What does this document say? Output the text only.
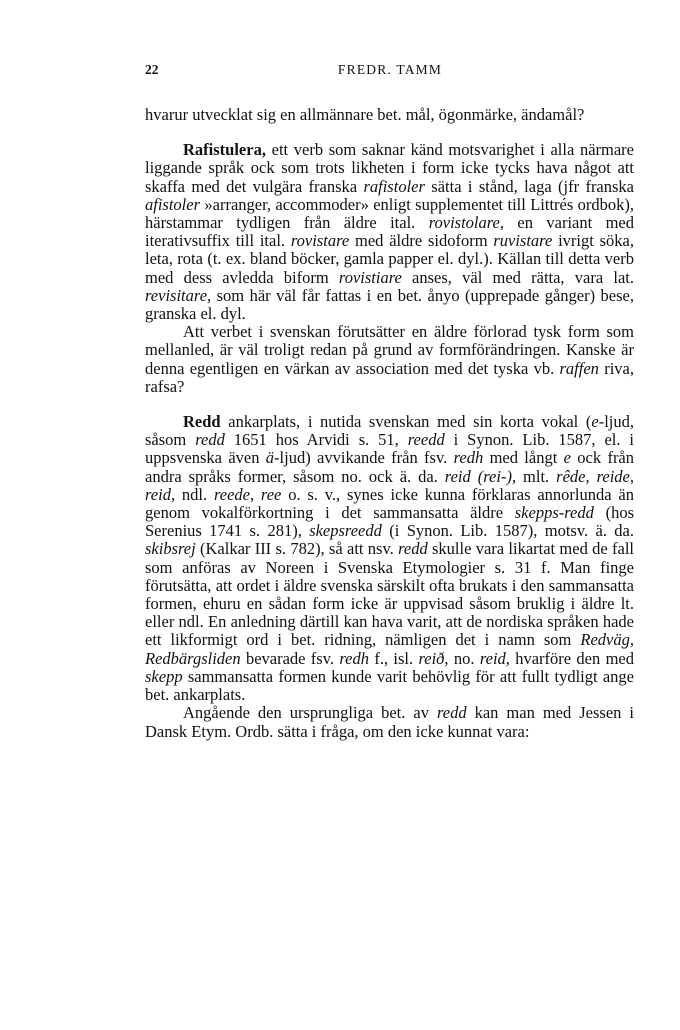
22	FREDR. TAMM

hvarur utvecklat sig en allmännare bet. mål, ögonmärke, ändamål?

Rafistulera, ett verb som saknar känd motsvarighet i alla närmare liggande språk ock som trots likheten i form icke tycks hava något att skaffa med det vulgära franska rafistoler sätta i stånd, laga (jfr franska afistoler »arranger, accommoder» enligt supplementet till Littrés ordbok), härstammar tydligen från äldre ital. rovistolare, en variant med iterativsuffix till ital. rovistare med äldre sidoform ruvistare ivrigt söka, leta, rota (t. ex. bland böcker, gamla papper el. dyl.). Källan till detta verb med dess avledda biform rovistiare anses, väl med rätta, vara lat. revisitare, som här väl får fattas i en bet. ånyo (upprepade gånger) bese, granska el. dyl.

Att verbet i svenskan förutsätter en äldre förlorad tysk form som mellanled, är väl troligt redan på grund av formförändringen. Kanske är denna egentligen en värkan av association med det tyska vb. raffen riva, rafsa?

Redd ankarplats, i nutida svenskan med sin korta vokal (e-ljud, såsom redd 1651 hos Arvidi s. 51, reedd i Synon. Lib. 1587, el. i uppsvenska även ä-ljud) avvikande från fsv. redh med långt e ock från andra språks former, såsom no. ock ä. da. reid (rei-), mlt. rêde, reide, reid, ndl. reede, ree o. s. v., synes icke kunna förklaras annorlunda än genom vokalförkortning i det sammansatta äldre skepps-redd (hos Serenius 1741 s. 281), skepsreedd (i Synon. Lib. 1587), motsv. ä. da. skibsrej (Kalkar III s. 782), så att nsv. redd skulle vara likartat med de fall som anföras av Noreen i Svenska Etymologier s. 31 f. Man finge förutsätta, att ordet i äldre svenska särskilt ofta brukats i den sammansatta formen, ehuru en sådan form icke är uppvisad såsom bruklig i äldre lt. eller ndl. En anledning därtill kan hava varit, att de nordiska språken hade ett likformigt ord i bet. ridning, nämligen det i namn som Redväg, Redbärgsliden bevarade fsv. redh f., isl. reið, no. reid, hvarföre den med skepp sammansatta formen kunde varit behövlig för att fullt tydligt ange bet. ankarplats.

Angående den ursprungliga bet. av redd kan man med Jessen i Dansk Etym. Ordb. sätta i fråga, om den icke kunnat vara:
